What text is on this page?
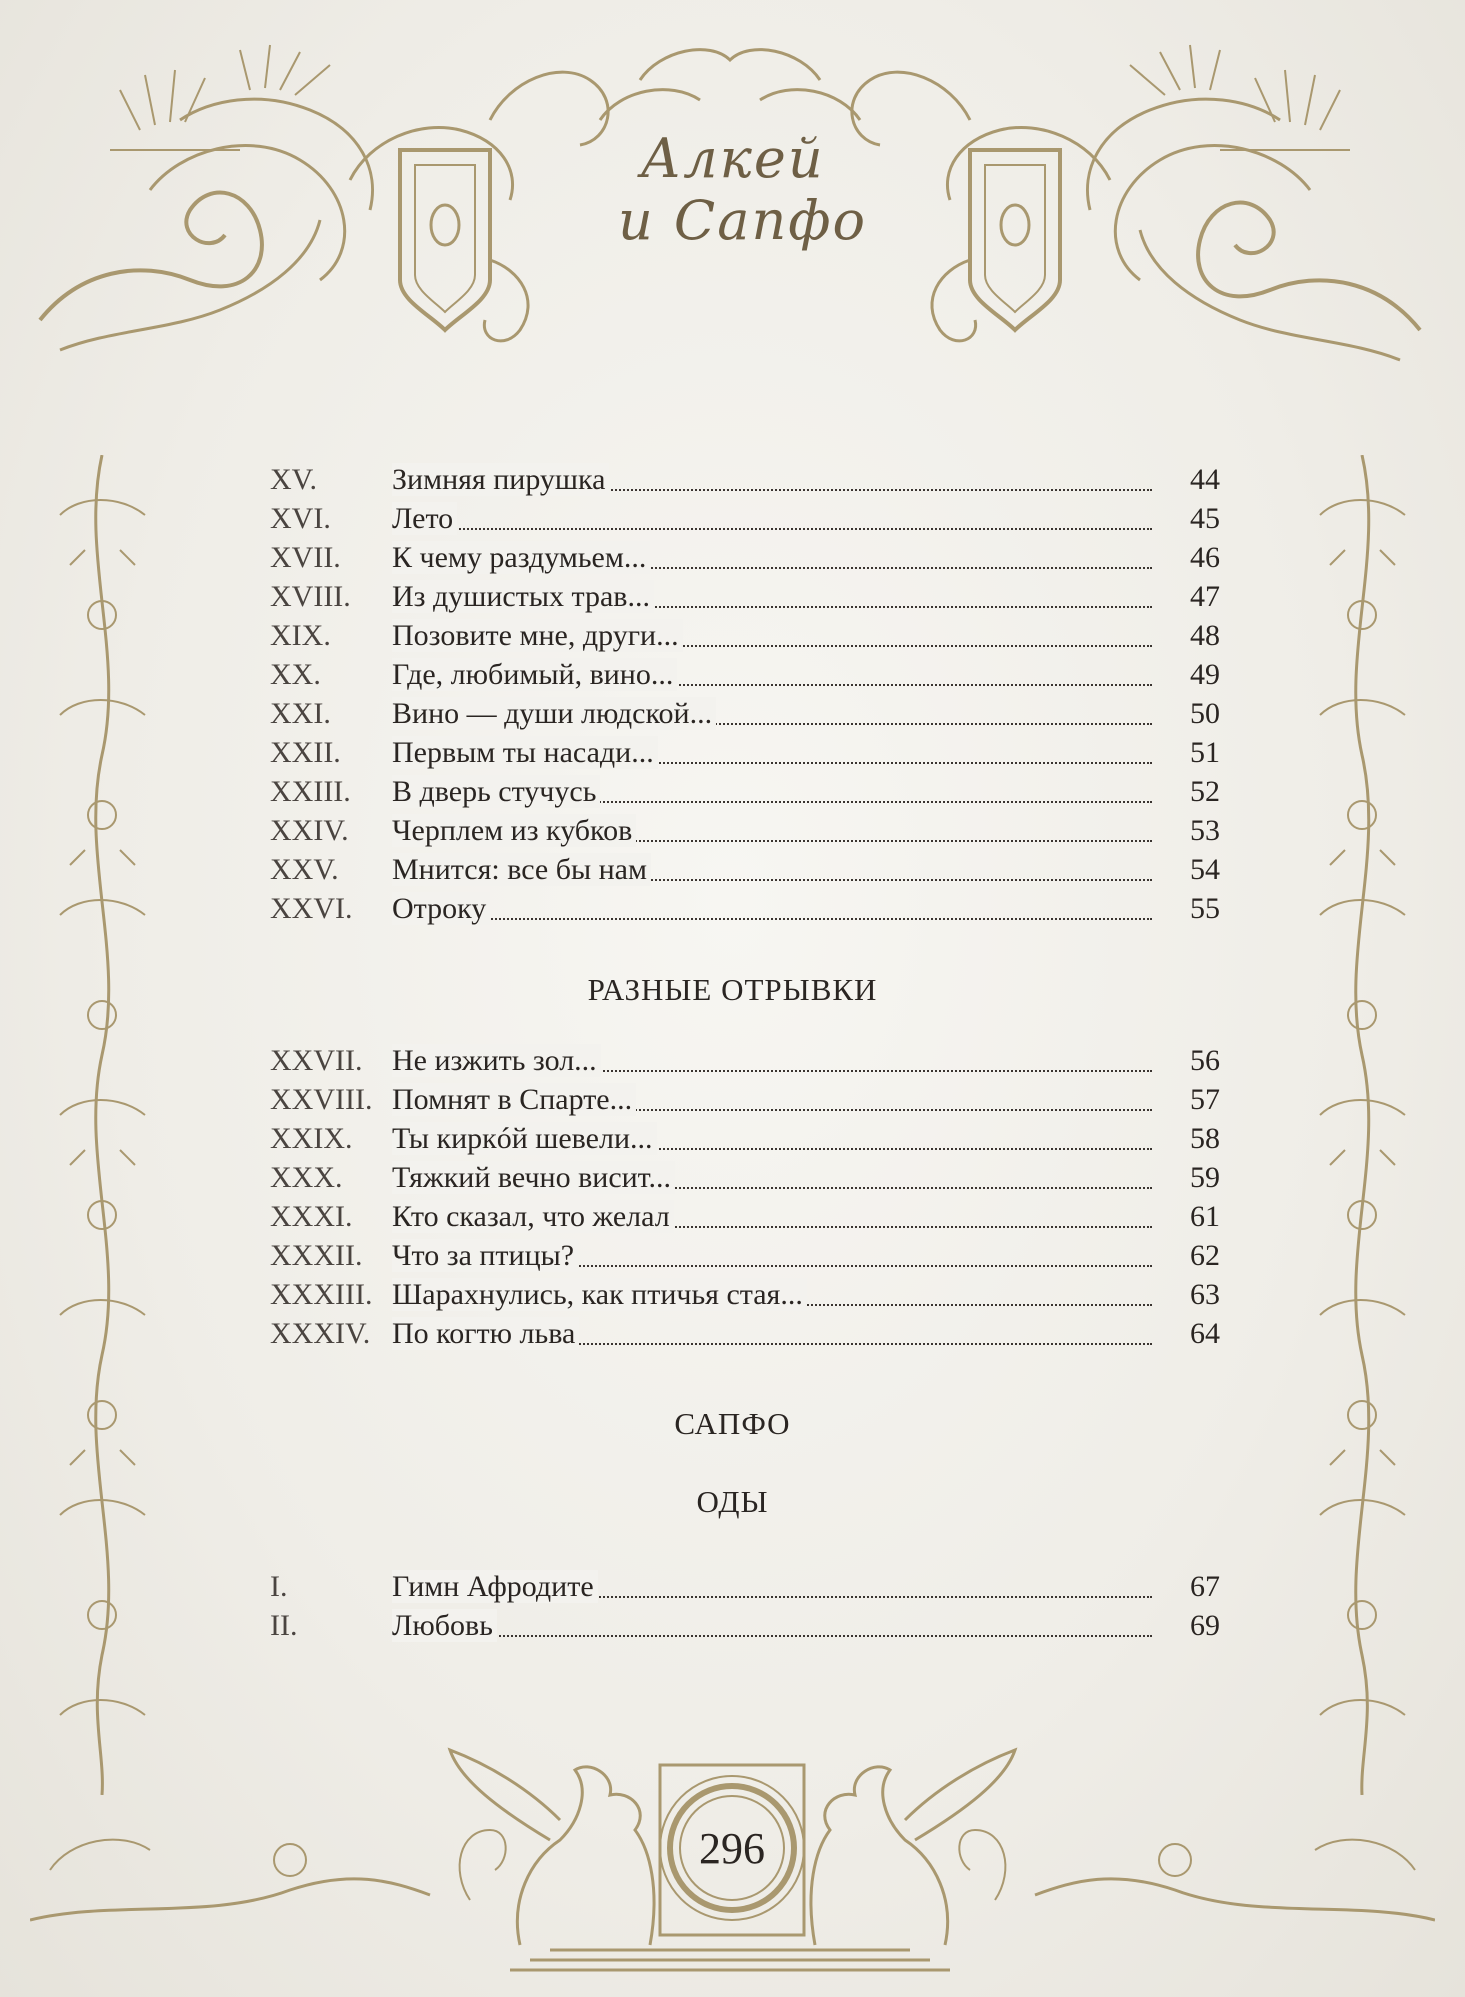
Алкей
и Сапфо
XV.	Зимняя пирушка	44
XVI. Лето	45
XVII. К чему раздумьем...	46
XVIII. Из душистых трав...	47
XIX. Позовите мне, други...	48
XX. Где, любимый, вино...	49
XXI. Вино — души людской...	50
XXII. Первым ты насади...	51
XXIII. В дверь стучусь	52
XXIV. Черплем из кубков	53
XXV. Мнится: все бы нам	54
XXVI. Отроку	55
XXVII. Не изжить зол...	56
XXVIII. Помнят в Спарте...	57
XXIX. Ты киркóй шевели...	58
XXX. Тяжкий вечно висит...	59
XXXI. Кто сказал, что желал	61
XXXII. Что за птицы?	62
XXXIII. Шарахнулись, как птичья стая...	63
XXXIV. По когтю льва	64
I.	Гимн Афродите	67
II.	Любовь	69
РАЗНЫЕ ОТРЫВКИ
САПФО
ОДЫ
296
